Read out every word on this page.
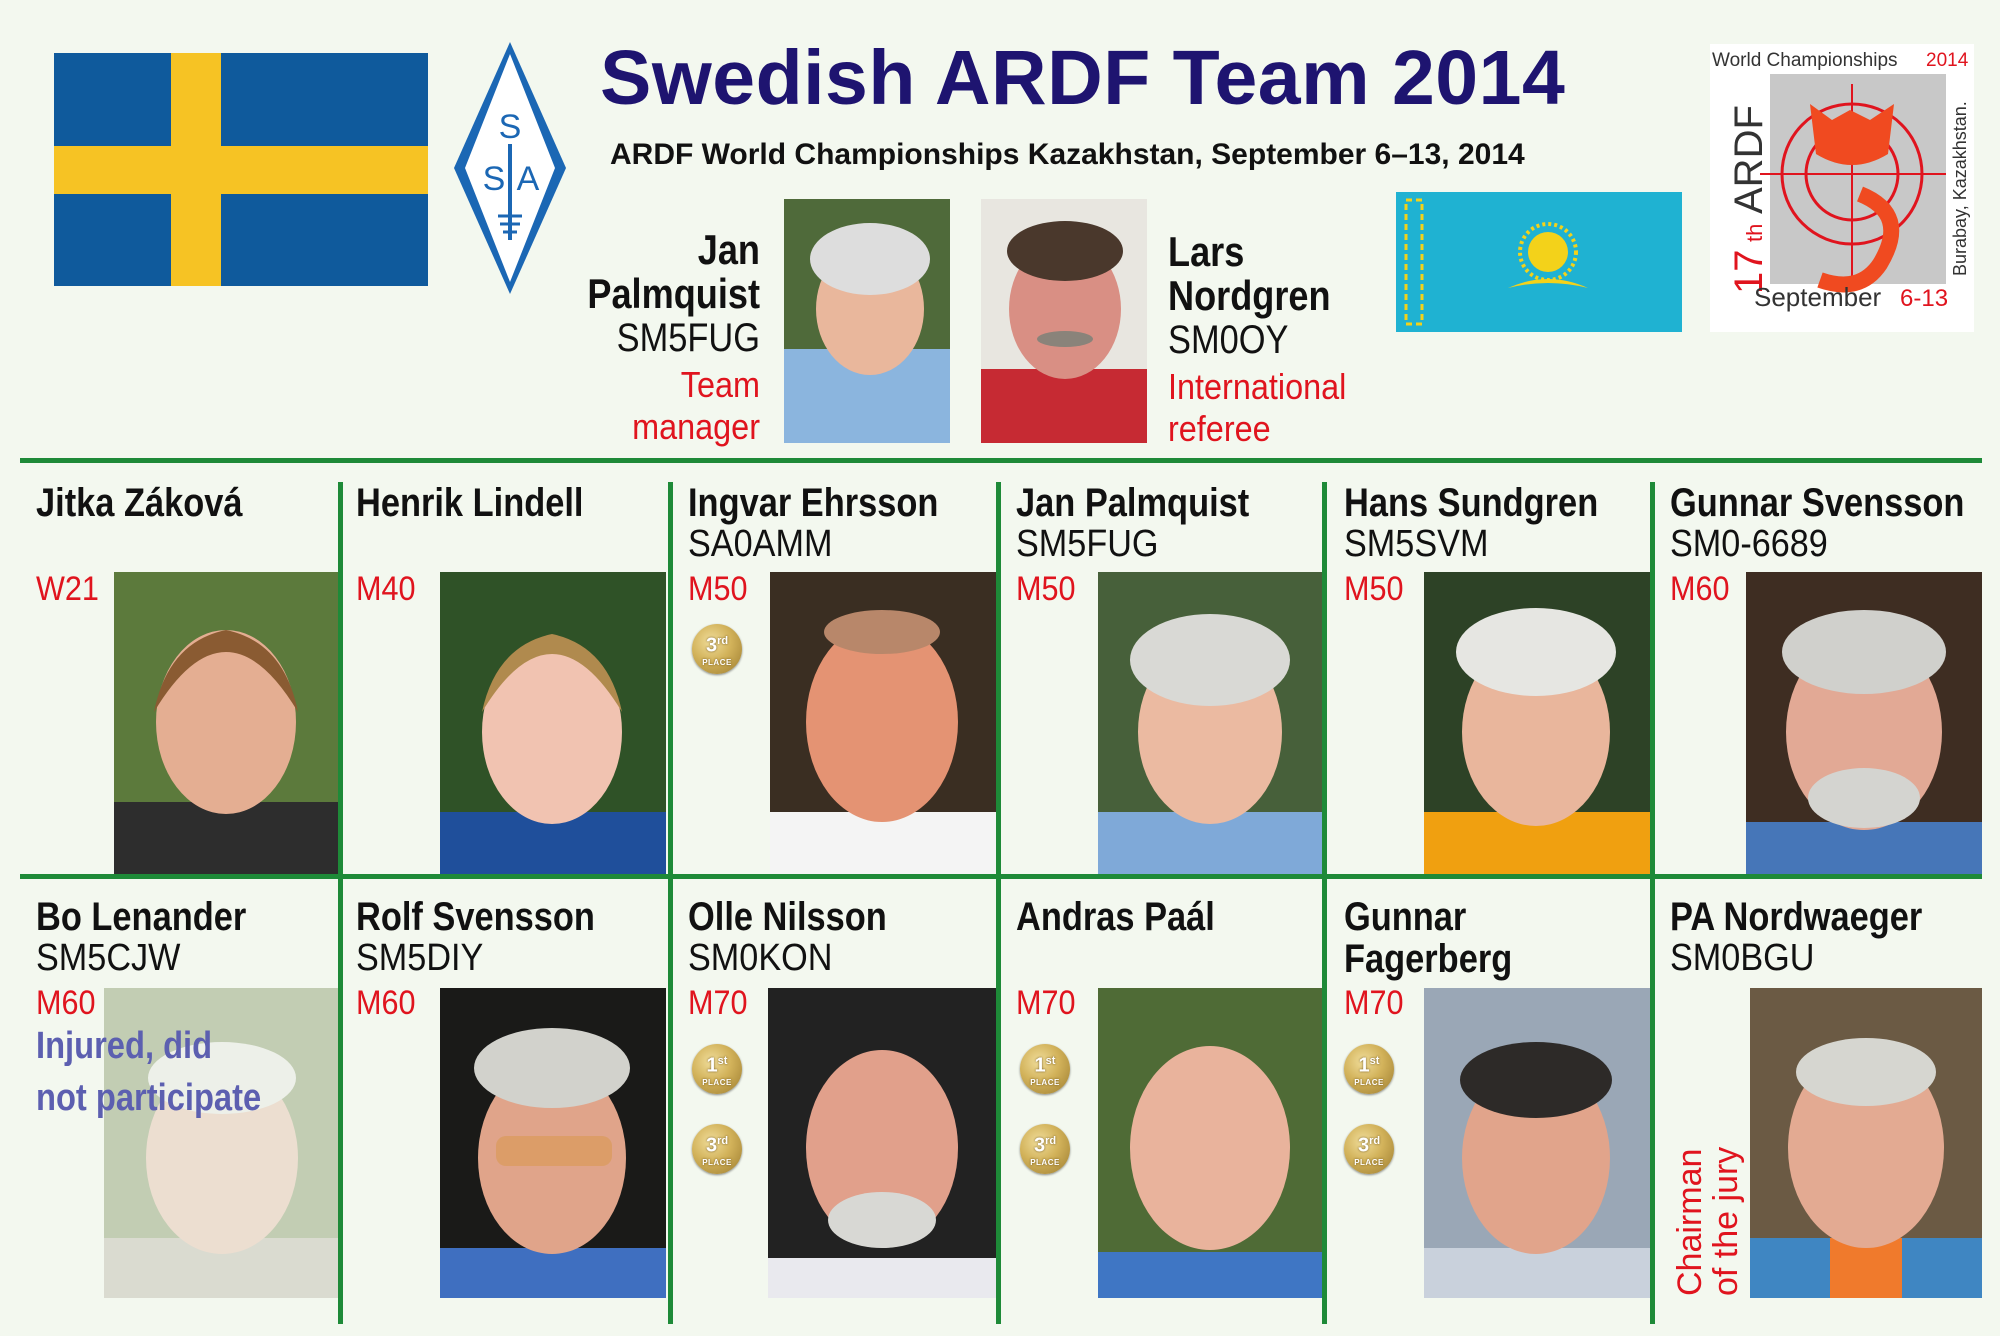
S
S A
Swedish ARDF Team 2014
ARDF World Championships Kazakhstan, September 6–13, 2014
Jan
Palmquist
SM5FUG
Team
manager
Lars
Nordgren
SM0OY
International
referee
World Championships 2014
17
th
ARDF	Burabay, Kazakhstan.
September 6-13
Jitka Záková
W21
Henrik Lindell
M40
Ingvar Ehrsson
SA0AMM
M50
3rd
PLACE
Jan Palmquist
SM5FUG
M50
Hans Sundgren
SM5SVM
M50
Gunnar Svensson
SM0-6689
M60
Bo Lenander
SM5CJW
M60
Injured, did
not participate
Rolf Svensson
SM5DIY
M60
Olle Nilsson
SM0KON
M70
1st
PLACE
3rd
PLACE
Andras Paál
M70
1st
PLACE
3rd
PLACE
Gunnar
Fagerberg
M70
1st
PLACE
3rd
PLACE
PA Nordwaeger
SM0BGU
Chairman
of the jury
